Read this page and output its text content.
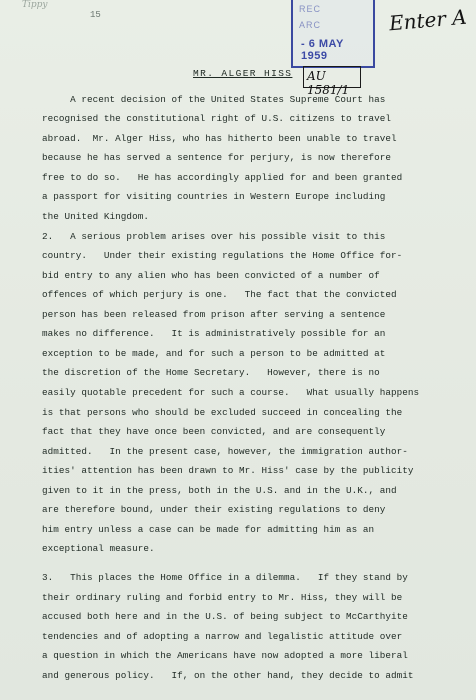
Tippy
15
REC
ARC
- 6 MAY 1959
Enter A
AU 1581/1
MR. ALGER HISS
A recent decision of the United States Supreme Court has
recognised the constitutional right of U.S. citizens to travel
abroad.  Mr. Alger Hiss, who has hitherto been unable to travel
because he has served a sentence for perjury, is now therefore
free to do so.   He has accordingly applied for and been granted
a passport for visiting countries in Western Europe including
the United Kingdom.
2.   A serious problem arises over his possible visit to this
country.   Under their existing regulations the Home Office for-
bid entry to any alien who has been convicted of a number of
offences of which perjury is one.   The fact that the convicted
person has been released from prison after serving a sentence
makes no difference.   It is administratively possible for an
exception to be made, and for such a person to be admitted at
the discretion of the Home Secretary.   However, there is no
easily quotable precedent for such a course.   What usually happens
is that persons who should be excluded succeed in concealing the
fact that they have once been convicted, and are consequently
admitted.   In the present case, however, the immigration author-
ities' attention has been drawn to Mr. Hiss' case by the publicity
given to it in the press, both in the U.S. and in the U.K., and
are therefore bound, under their existing regulations to deny
him entry unless a case can be made for admitting him as an
exceptional measure.
3.   This places the Home Office in a dilemma.   If they stand by
their ordinary ruling and forbid entry to Mr. Hiss, they will be
accused both here and in the U.S. of being subject to McCarthyite
tendencies and of adopting a narrow and legalistic attitude over
a question in which the Americans have now adopted a more liberal
and generous policy.   If, on the other hand, they decide to admit
